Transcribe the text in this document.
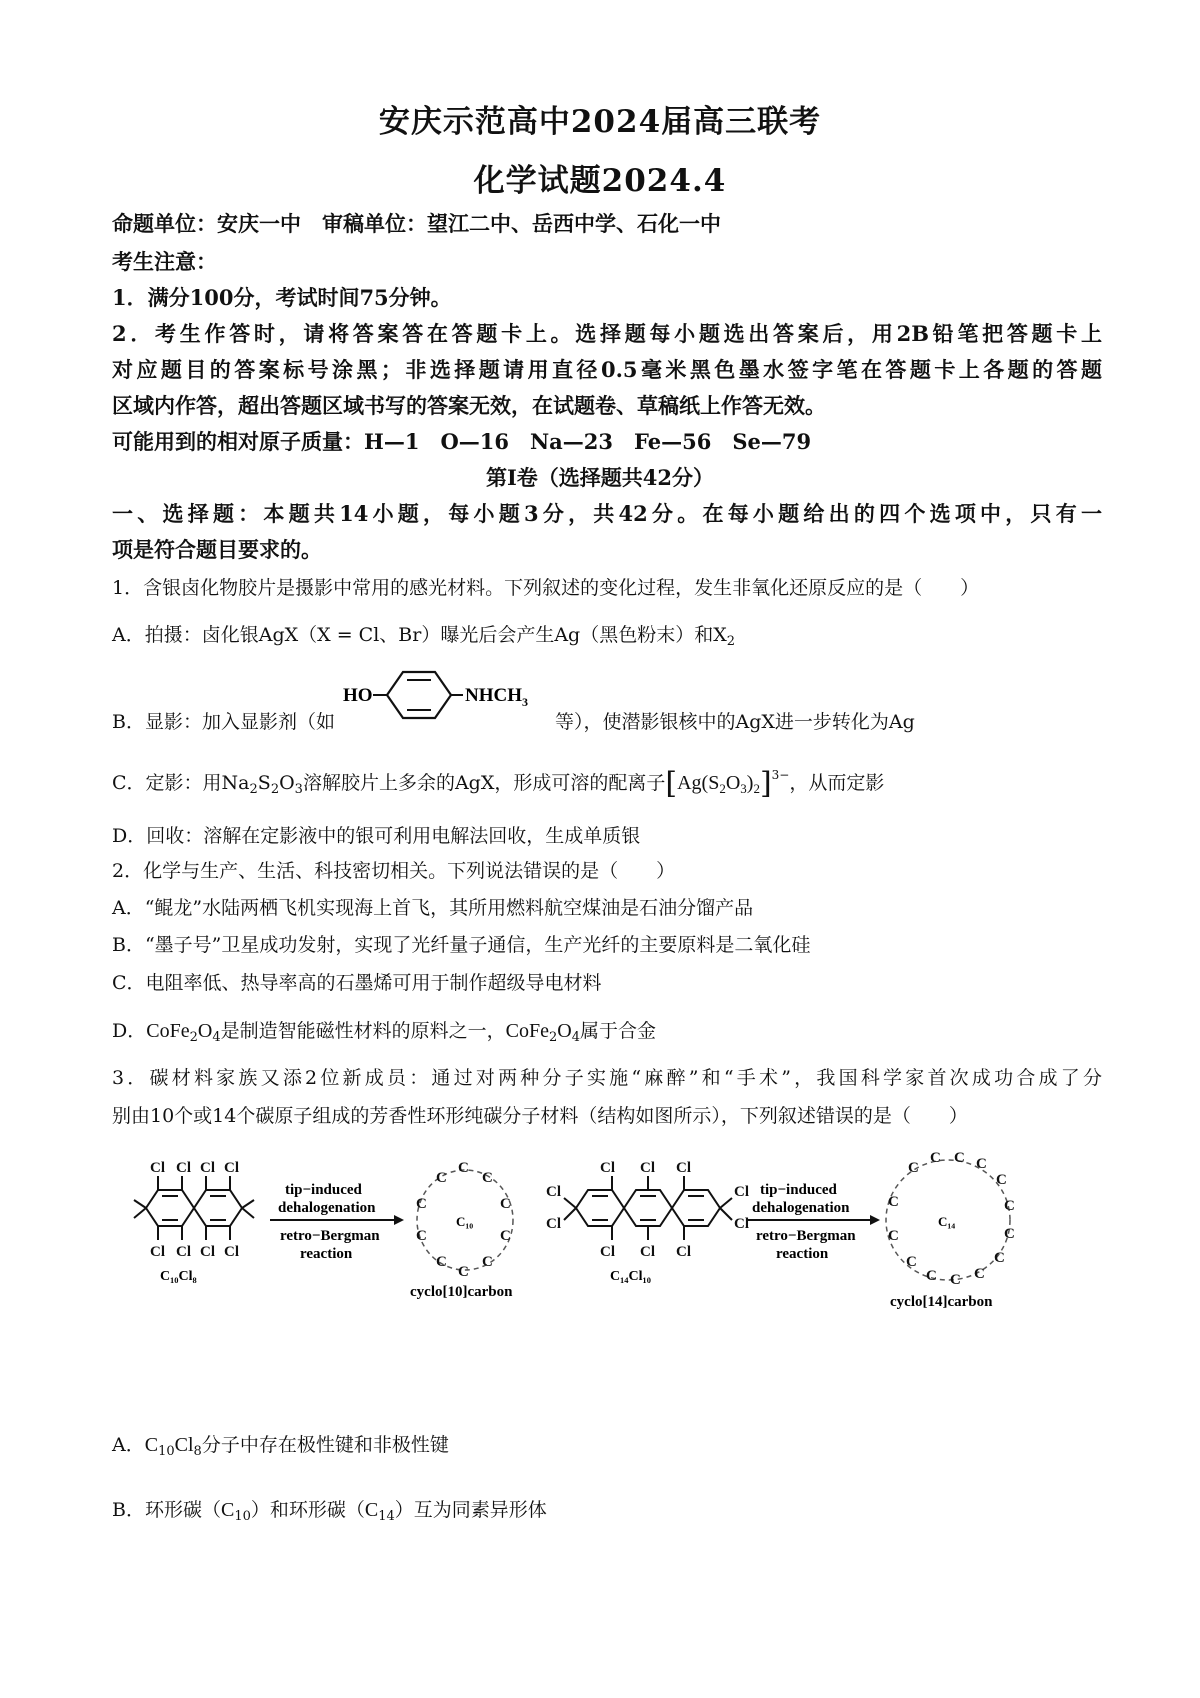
安庆示范高中2024届高三联考
化学试题2024.4
命题单位：安庆一中　审稿单位：望江二中、岳西中学、石化一中
考生注意：
1．满分100分，考试时间75分钟。
2．考生作答时，请将答案答在答题卡上。选择题每小题选出答案后，用2B铅笔把答题卡上
对应题目的答案标号涂黑；非选择题请用直径0.5毫米黑色墨水签字笔在答题卡上各题的答题
区域内作答，超出答题区域书写的答案无效，在试题卷、草稿纸上作答无效。
可能用到的相对原子质量：H—1　O—16　Na—23　Fe—56　Se—79
第Ⅰ卷（选择题共42分）
一、选择题：本题共14小题，每小题3分，共42分。在每小题给出的四个选项中，只有一
项是符合题目要求的。
1．含银卤化物胶片是摄影中常用的感光材料。下列叙述的变化过程，发生非氧化还原反应的是（　　）
A．拍摄：卤化银AgX（X = Cl、Br）曝光后会产生Ag（黑色粉末）和$X_2$
B．显影：加入显影剂（如
HO	$NHCH_3$
等），使潜影银核中的AgX进一步转化为Ag
C．定影：用$Na_2S_2O_3$溶解胶片上多余的AgX，形成可溶的配离子$[Ag(S_2O_3)_2]^{3-}$，从而定影
D．回收：溶解在定影液中的银可利用电解法回收，生成单质银
2．化学与生产、生活、科技密切相关。下列说法错误的是（　　）
A．“鲲龙”水陆两栖飞机实现海上首飞，其所用燃料航空煤油是石油分馏产品
B．“墨子号”卫星成功发射，实现了光纤量子通信，生产光纤的主要原料是二氧化硅
C．电阻率低、热导率高的石墨烯可用于制作超级导电材料
D．$CoFe_2O_4$是制造智能磁性材料的原料之一，$CoFe_2O_4$属于合金
3．碳材料家族又添2位新成员：通过对两种分子实施“麻醉”和“手术”，我国科学家首次成功合成了分
别由10个或14个碳原子组成的芳香性环形纯碳分子材料（结构如图所示），下列叙述错误的是（　　）
Cl Cl Cl Cl
Cl Cl Cl Cl
C₁₀Cl₈
tip−induced
dehalogenation
retro−Bergman
reaction
C
C
C
C
C
C
C
C
C
C
C₁₀
cyclo[10]carbon
Cl Cl Cl
Cl Cl Cl
Cl
Cl
Cl
Cl
C₁₄Cl₁₀
tip−induced
dehalogenation
retro−Bergman
reaction
C
C C C
C
C
C
C
C
C
C
C
C
C
C₁₄
cyclo[14]carbon
A．$C_{10}Cl_8$分子中存在极性键和非极性键
B．环形碳$(C_{10})$和环形碳$(C_{14})$互为同素异形体
